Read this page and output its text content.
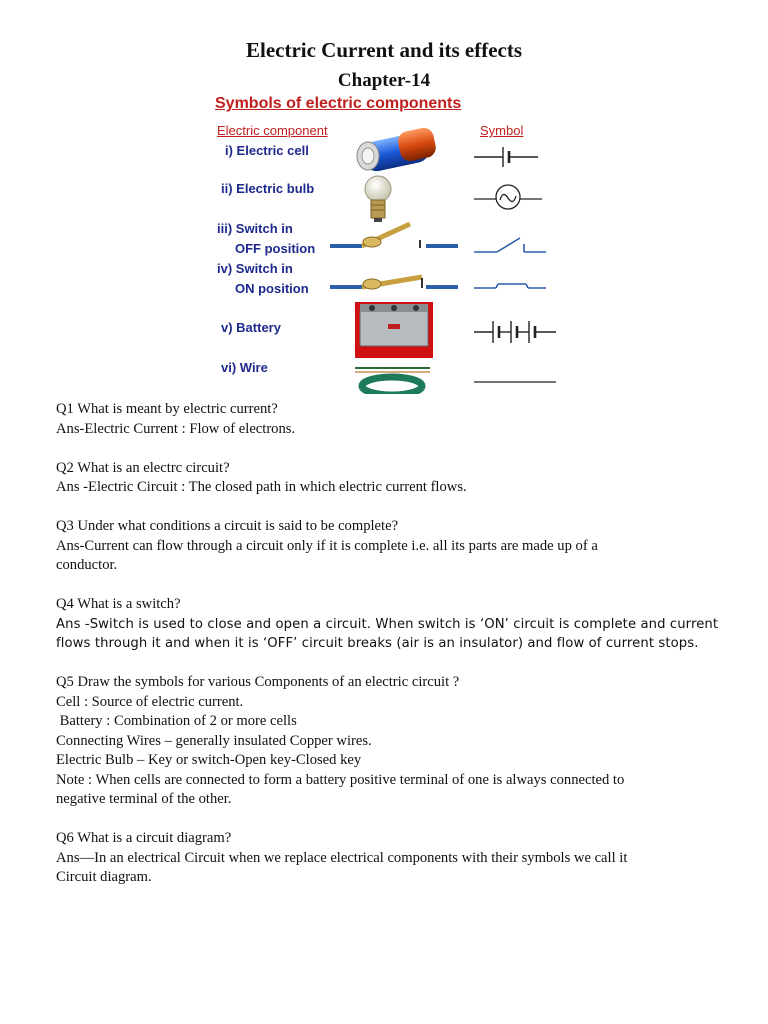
Electric Current and its effects
Chapter-14
Symbols of electric components
Electric component	Symbol
i) Electric cell
ii) Electric bulb
iii) Switch in
OFF position
iv) Switch in
ON position
v) Battery
vi) Wire

Q1 What is meant by electric current?
Ans-Electric Current : Flow of electrons.

Q2 What is an electrc circuit?
Ans -Electric Circuit : The closed path in which electric current flows.

Q3 Under what conditions a circuit is said to be complete?
Ans-Current can flow through a circuit only if it is complete i.e. all its parts are made up of a
conductor.

Q4 What is a switch?
Ans -Switch is used to close and open a circuit. When switch is ‘ON’ circuit is complete and current
flows through it and when it is ‘OFF’ circuit breaks (air is an insulator) and flow of current stops.

Q5 Draw the symbols for various Components of an electric circuit ?
Cell : Source of electric current.
Battery : Combination of 2 or more cells
Connecting Wires – generally insulated Copper wires.
Electric Bulb – Key or switch-Open key-Closed key
Note : When cells are connected to form a battery positive terminal of one is always connected to
negative terminal of the other.

Q6 What is a circuit diagram?
Ans—In an electrical Circuit when we replace electrical components with their symbols we call it
Circuit diagram.
